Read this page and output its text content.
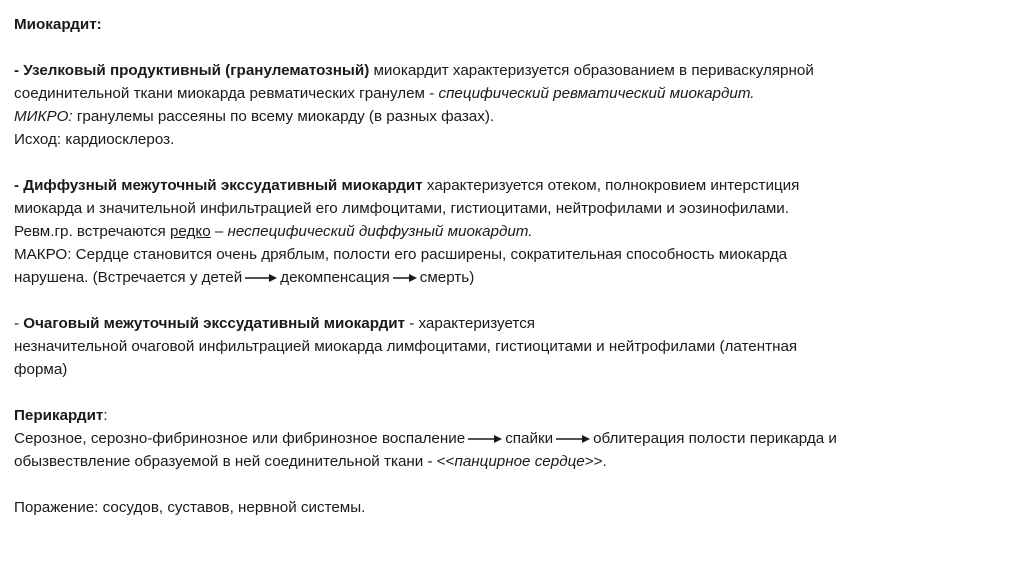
Миокардит:
- Узелковый продуктивный (гранулематозный) миокардит характеризуется образованием в периваскулярной
соединительной ткани миокарда ревматических гранулем - специфический ревматический миокардит.
МИКРО: гранулемы рассеяны по всему миокарду (в разных фазах).
Исход: кардиосклероз.
- Диффузный межуточный экссудативный миокардит характеризуется отеком, полнокровием интерстиция
миокарда и значительной инфильтрацией его лимфоцитами, гистиоцитами, нейтрофилами и эозинофилами.
Ревм.гр. встречаются редко – неспецифический диффузный миокардит.
МАКРО: Сердце становится очень дряблым, полости его расширены, сократительная способность миокарда
нарушена. (Встречается у детей	декомпенсация смерть)
- Очаговый межуточный экссудативный миокардит - характеризуется
незначительной очаговой инфильтрацией миокарда лимфоцитами, гистиоцитами и нейтрофилами (латентная
форма)
Перикардит:
Серозное, серозно-фибринозное или фибринозное воспаление	спайки	облитерация полости перикарда и
обызвествление образуемой в ней соединительной ткани - <<панцирное сердце>>.
Поражение: сосудов, суставов, нервной системы.
